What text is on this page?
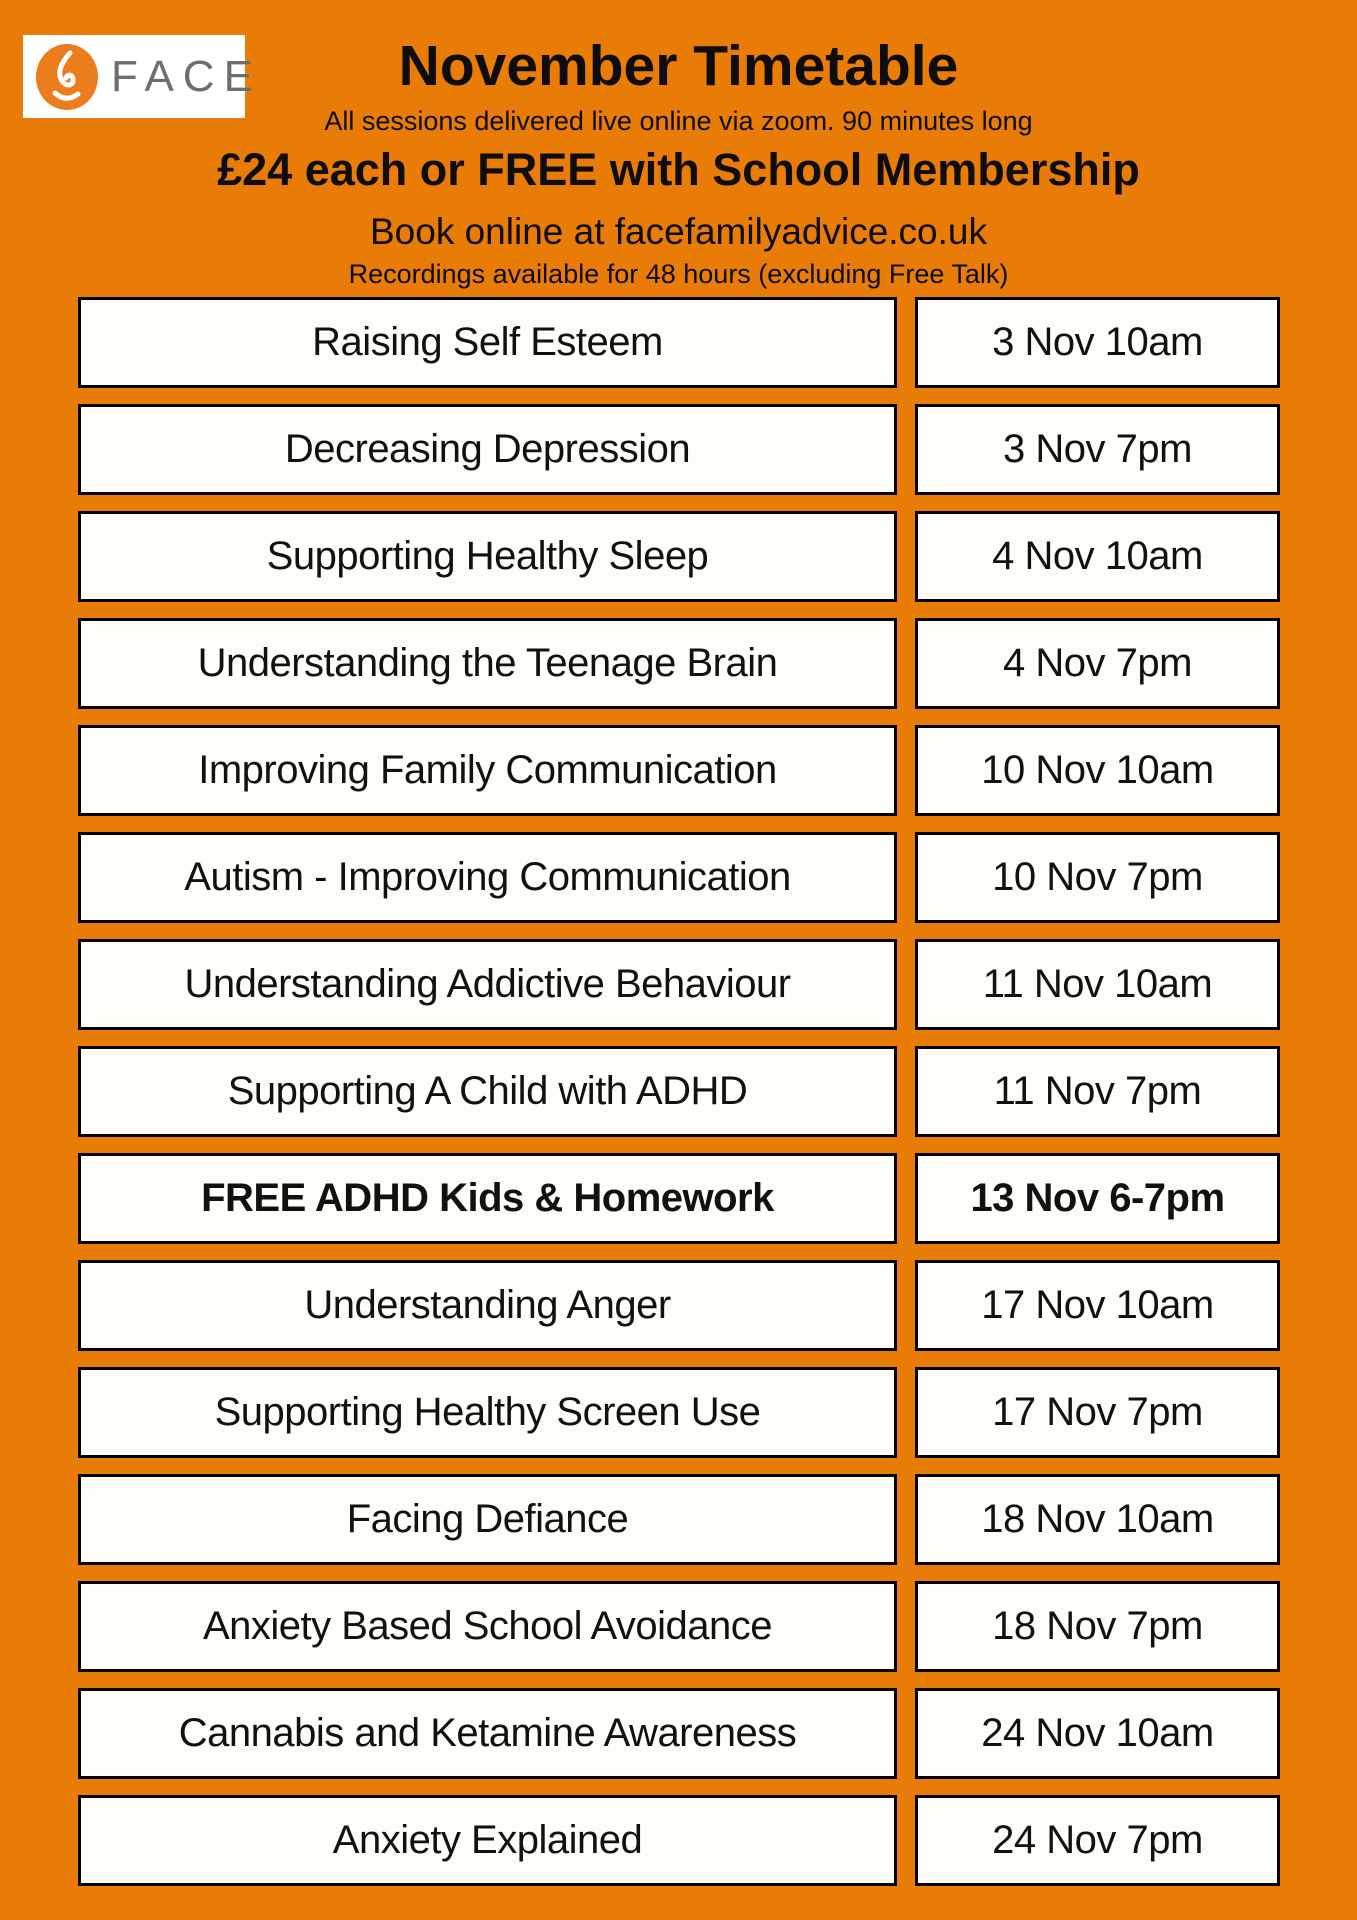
FACE	November Timetable
All sessions delivered live online via zoom. 90 minutes long
£24 each or FREE with School Membership
Book online at facefamilyadvice.co.uk
Recordings available for 48 hours (excluding Free Talk)
Raising Self Esteem	3 Nov 10am
Decreasing Depression	3 Nov 7pm
Supporting Healthy Sleep	4 Nov 10am
Understanding the Teenage Brain	4 Nov 7pm
Improving Family Communication	10 Nov 10am
Autism - Improving Communication	10 Nov 7pm
Understanding Addictive Behaviour	11 Nov 10am
Supporting A Child with ADHD	11 Nov 7pm
FREE ADHD Kids & Homework	13 Nov 6-7pm
Understanding Anger	17 Nov 10am
Supporting Healthy Screen Use	17 Nov 7pm
Facing Defiance	18 Nov 10am
Anxiety Based School Avoidance	18 Nov 7pm
Cannabis and Ketamine Awareness	24 Nov 10am
Anxiety Explained	24 Nov 7pm
